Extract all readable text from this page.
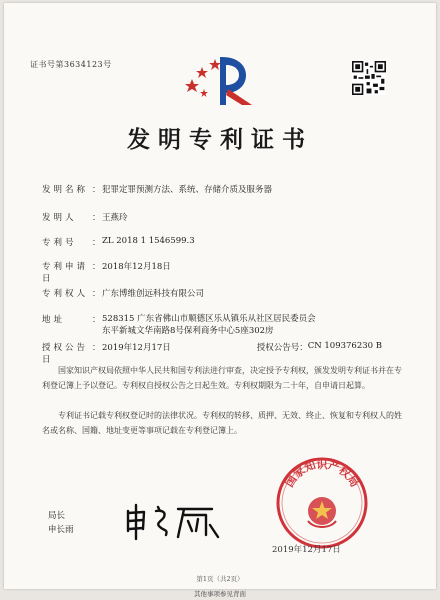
证书号第3634123号
发明专利证书
发明名称 ： 犯罪定罪预测方法、系统、存储介质及服务器
发明人	： 王燕玲
专利号	： ZL 2018 1 1546599.3
专利申请日
： 2018年12月18日
专利权人 ： 广东博维创远科技有限公司
地址	： 528315 广东省佛山市顺德区乐从镇乐从社区居民委员会
东平新城文华南路8号保利商务中心5座302房
授权公告日
： 2019年12月17日	授权公告号 ： CN 109376230 B
国家知识产权局依照中华人民共和国专利法进行审查，决定授予专利权，颁发发明专利证书并在专利登记簿上予以登记。专利权自授权公告之日起生效。专利权期限为二十年，自申请日起算。
专利证书记载专利权登记时的法律状况。专利权的转移、质押、无效、终止、恢复和专利权人的姓名或名称、国籍、地址变更等事项记载在专利登记簿上。
局长
申长雨
国家知识产权局
2019年12月17日
第1页（共2页）
其他事项参见背面
